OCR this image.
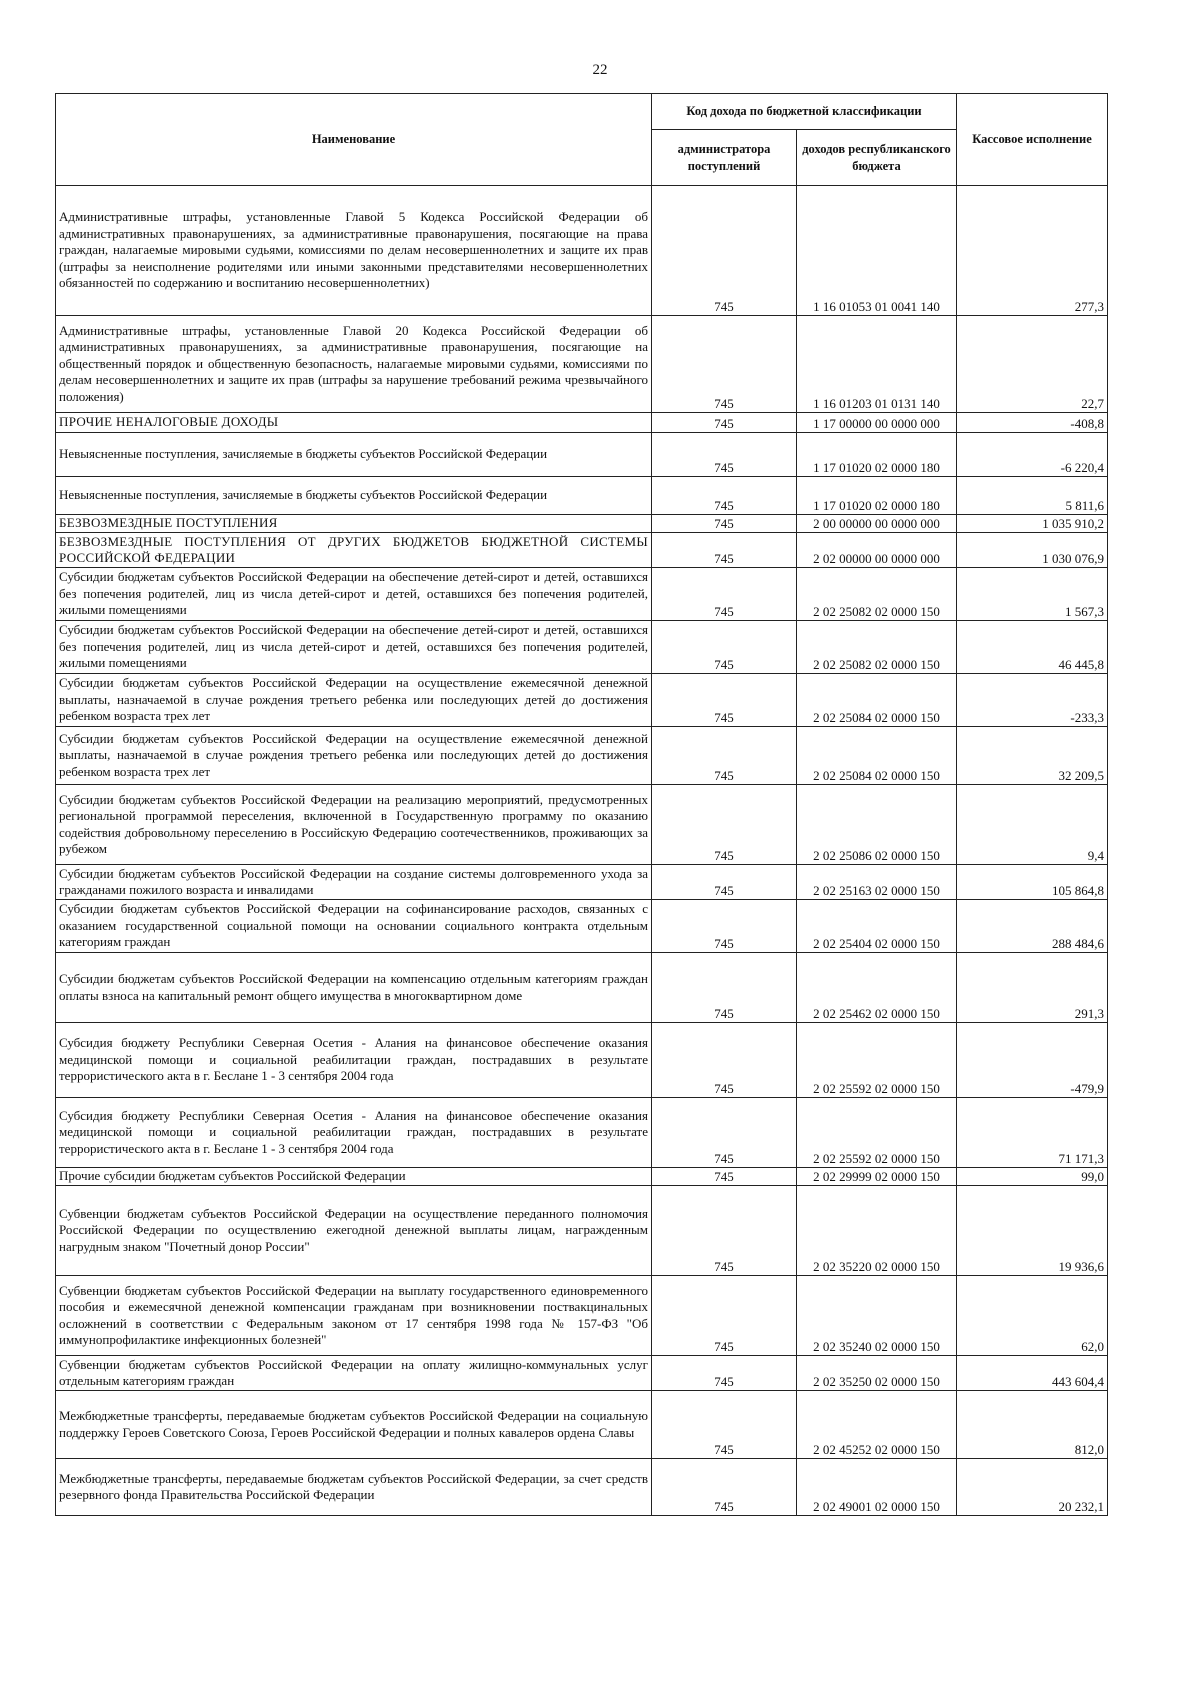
22
Наименование	Код дохода по бюджетной классификации		Кассовое исполнение
	администратора поступлений	доходов республиканского бюджета	
Административные штрафы, установленные Главой 5 Кодекса Российской Федерации об административных правонарушениях, за административные правонарушения, посягающие на права граждан, налагаемые мировыми судьями, комиссиями по делам несовершеннолетних и защите их прав (штрафы за неисполнение родителями или иными законными представителями несовершеннолетних обязанностей по содержанию и воспитанию несовершеннолетних)	745	1 16 01053 01 0041 140	277,3
Административные штрафы, установленные Главой 20 Кодекса Российской Федерации об административных правонарушениях, за административные правонарушения, посягающие на общественный порядок и общественную безопасность, налагаемые мировыми судьями, комиссиями по делам несовершеннолетних и защите их прав (штрафы за нарушение требований режима чрезвычайного положения)	745	1 16 01203 01 0131 140	22,7
ПРОЧИЕ НЕНАЛОГОВЫЕ ДОХОДЫ	745	1 17 00000 00 0000 000	-408,8
Невыясненные поступления, зачисляемые в бюджеты субъектов Российской Федерации	745	1 17 01020 02 0000 180	-6 220,4
Невыясненные поступления, зачисляемые в бюджеты субъектов Российской Федерации	745	1 17 01020 02 0000 180	5 811,6
БЕЗВОЗМЕЗДНЫЕ ПОСТУПЛЕНИЯ	745	2 00 00000 00 0000 000	1 035 910,2
БЕЗВОЗМЕЗДНЫЕ ПОСТУПЛЕНИЯ ОТ ДРУГИХ БЮДЖЕТОВ БЮДЖЕТНОЙ СИСТЕМЫ РОССИЙСКОЙ ФЕДЕРАЦИИ	745	2 02 00000 00 0000 000	1 030 076,9
Субсидии бюджетам субъектов Российской Федерации на обеспечение детей-сирот и детей, оставшихся без попечения родителей, лиц из числа детей-сирот и детей, оставшихся без попечения родителей, жилыми помещениями	745	2 02 25082 02 0000 150	1 567,3
Субсидии бюджетам субъектов Российской Федерации на обеспечение детей-сирот и детей, оставшихся без попечения родителей, лиц из числа детей-сирот и детей, оставшихся без попечения родителей, жилыми помещениями	745	2 02 25082 02 0000 150	46 445,8
Субсидии бюджетам субъектов Российской Федерации на осуществление ежемесячной денежной выплаты, назначаемой в случае рождения третьего ребенка или последующих детей до достижения ребенком возраста трех лет	745	2 02 25084 02 0000 150	-233,3
Субсидии бюджетам субъектов Российской Федерации на осуществление ежемесячной денежной выплаты, назначаемой в случае рождения третьего ребенка или последующих детей до достижения ребенком возраста трех лет	745	2 02 25084 02 0000 150	32 209,5
Субсидии бюджетам субъектов Российской Федерации на реализацию мероприятий, предусмотренных региональной программой переселения, включенной в Государственную программу по оказанию содействия добровольному переселению в Российскую Федерацию соотечественников, проживающих за рубежом	745	2 02 25086 02 0000 150	9,4
Субсидии бюджетам субъектов Российской Федерации на создание системы долговременного ухода за гражданами пожилого возраста и инвалидами	745	2 02 25163 02 0000 150	105 864,8
Субсидии бюджетам субъектов Российской Федерации на софинансирование расходов, связанных с оказанием государственной социальной помощи на основании социального контракта отдельным категориям граждан	745	2 02 25404 02 0000 150	288 484,6
Субсидии бюджетам субъектов Российской Федерации на компенсацию отдельным категориям граждан оплаты взноса на капитальный ремонт общего имущества в многоквартирном доме	745	2 02 25462 02 0000 150	291,3
Субсидия бюджету Республики Северная Осетия - Алания на финансовое обеспечение оказания медицинской помощи и социальной реабилитации граждан, пострадавших в результате террористического акта в г. Беслане 1 - 3 сентября 2004 года	745	2 02 25592 02 0000 150	-479,9
Субсидия бюджету Республики Северная Осетия - Алания на финансовое обеспечение оказания медицинской помощи и социальной реабилитации граждан, пострадавших в результате террористического акта в г. Беслане 1 - 3 сентября 2004 года	745	2 02 25592 02 0000 150	71 171,3
Прочие субсидии бюджетам субъектов Российской Федерации	745	2 02 29999 02 0000 150	99,0
Субвенции бюджетам субъектов Российской Федерации на осуществление переданного полномочия Российской Федерации по осуществлению ежегодной денежной выплаты лицам, награжденным нагрудным знаком "Почетный донор России"	745	2 02 35220 02 0000 150	19 936,6
Субвенции бюджетам субъектов Российской Федерации на выплату государственного единовременного пособия и ежемесячной денежной компенсации гражданам при возникновении поствакцинальных осложнений в соответствии с Федеральным законом от 17 сентября 1998 года № 157-ФЗ "Об иммунопрофилактике инфекционных болезней"	745	2 02 35240 02 0000 150	62,0
Субвенции бюджетам субъектов Российской Федерации на оплату жилищно-коммунальных услуг отдельным категориям граждан	745	2 02 35250 02 0000 150	443 604,4
Межбюджетные трансферты, передаваемые бюджетам субъектов Российской Федерации на социальную поддержку Героев Советского Союза, Героев Российской Федерации и полных кавалеров ордена Славы	745	2 02 45252 02 0000 150	812,0
Межбюджетные трансферты, передаваемые бюджетам субъектов Российской Федерации, за счет средств резервного фонда Правительства Российской Федерации	745	2 02 49001 02 0000 150	20 232,1
